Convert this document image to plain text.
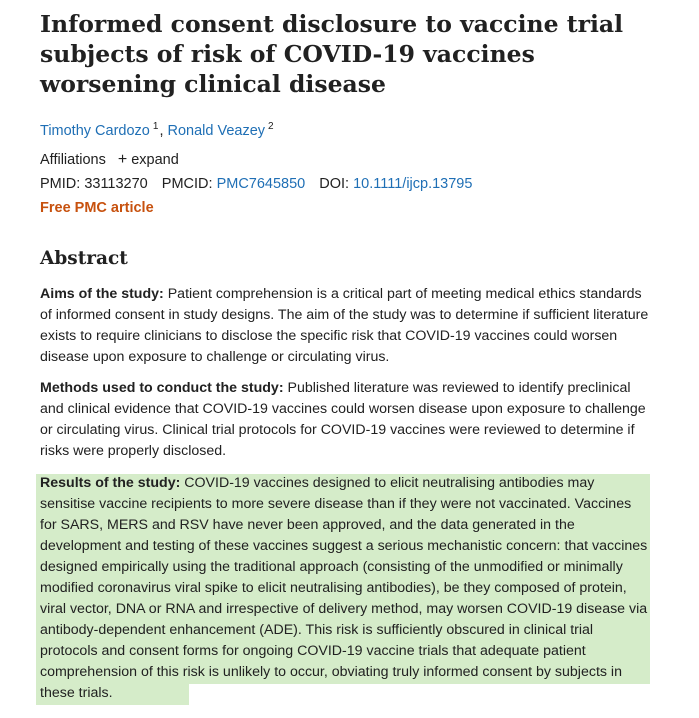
Informed consent disclosure to vaccine trial subjects of risk of COVID-19 vaccines worsening clinical disease
Timothy Cardozo $^1$, Ronald Veazey $^2$
Affiliations + expand
PMID: 33113270 PMCID: PMC7645850 DOI: 10.1111/ijcp.13795
Free PMC article
Abstract

Aims of the study: Patient comprehension is a critical part of meeting medical ethics standards of informed consent in study designs. The aim of the study was to determine if sufficient literature exists to require clinicians to disclose the specific risk that COVID-19 vaccines could worsen disease upon exposure to challenge or circulating virus.

Methods used to conduct the study: Published literature was reviewed to identify preclinical and clinical evidence that COVID-19 vaccines could worsen disease upon exposure to challenge or circulating virus. Clinical trial protocols for COVID-19 vaccines were reviewed to determine if risks were properly disclosed.

Results of the study: COVID-19 vaccines designed to elicit neutralising antibodies may sensitise vaccine recipients to more severe disease than if they were not vaccinated. Vaccines for SARS, MERS and RSV have never been approved, and the data generated in the development and testing of these vaccines suggest a serious mechanistic concern: that vaccines designed empirically using the traditional approach (consisting of the unmodified or minimally modified coronavirus viral spike to elicit neutralising antibodies), be they composed of protein, viral vector, DNA or RNA and irrespective of delivery method, may worsen COVID-19 disease via antibody-dependent enhancement (ADE). This risk is sufficiently obscured in clinical trial protocols and consent forms for ongoing COVID-19 vaccine trials that adequate patient comprehension of this risk is unlikely to occur, obviating truly informed consent by subjects in these trials.
